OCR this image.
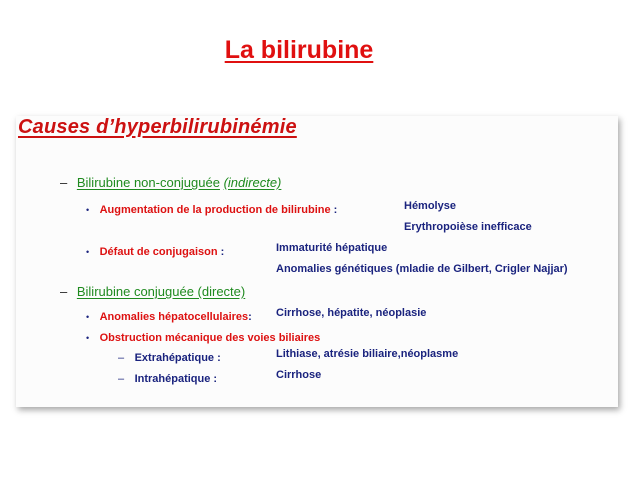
La bilirubine
Causes d’hyperbilirubinémie
– Bilirubine non-conjuguée (indirecte)
• Augmentation de la production de bilirubine :	Hémolyse
Erythropoièse inefficace
• Défaut de conjugaison :	Immaturité hépatique
Anomalies génétiques (mladie de Gilbert, Crigler Najjar)
– Bilirubine conjuguée (directe)
• Anomalies hépatocellulaires: Cirrhose, hépatite, néoplasie
• Obstruction mécanique des voies biliaires
– Extrahépatique :	Lithiase, atrésie biliaire,néoplasme
– Intrahépatique :	Cirrhose
